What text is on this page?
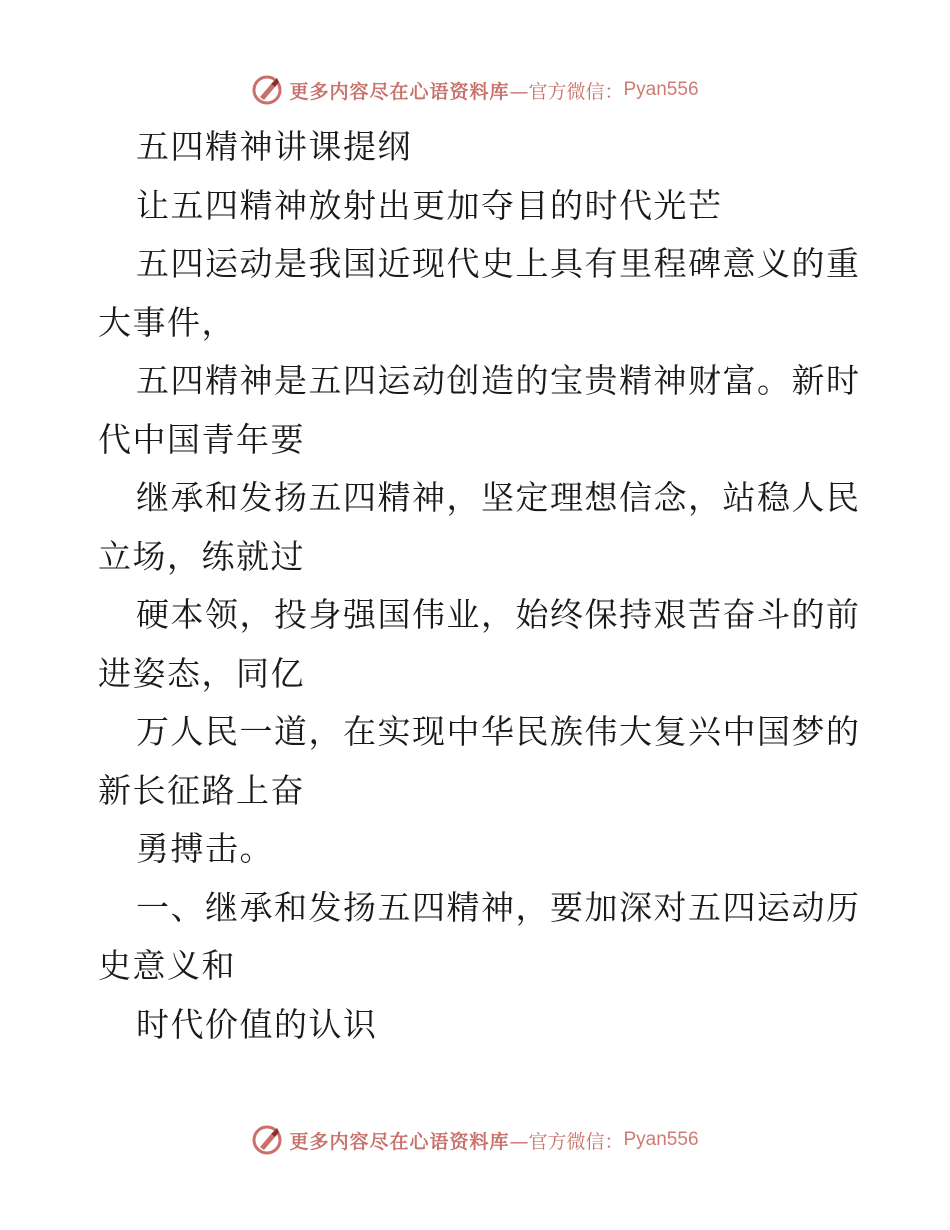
更多内容尽在心语资料库 —官方微信： Pyan556
五四精神讲课提纲
让五四精神放射出更加夺目的时代光芒
五四运动是我国近现代史上具有里程碑意义的重
大事件，
五四精神是五四运动创造的宝贵精神财富。新时
代中国青年要
继承和发扬五四精神，坚定理想信念，站稳人民
立场，练就过
硬本领，投身强国伟业，始终保持艰苦奋斗的前
进姿态，同亿
万人民一道，在实现中华民族伟大复兴中国梦的
新长征路上奋
勇搏击。
一、继承和发扬五四精神，要加深对五四运动历
史意义和
时代价值的认识
更多内容尽在心语资料库 —官方微信： Pyan556
